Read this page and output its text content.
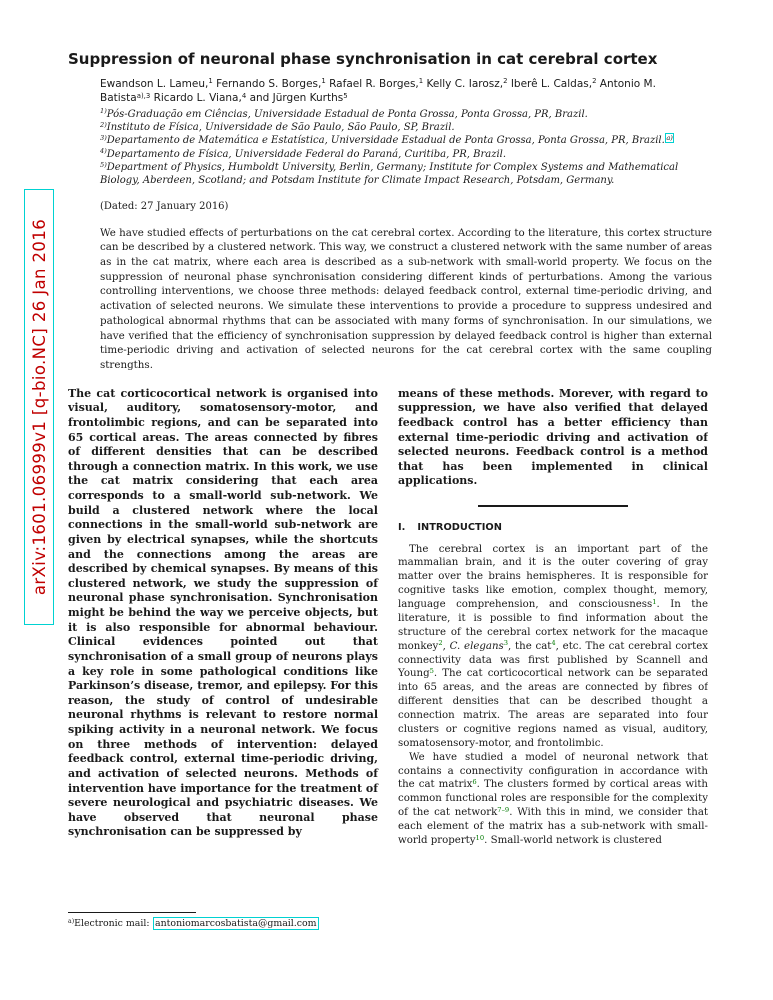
arXiv:1601.06999v1 [q-bio.NC] 26 Jan 2016
Suppression of neuronal phase synchronisation in cat cerebral cortex
Ewandson L. Lameu,$^1$ Fernando S. Borges,$^1$ Rafael R. Borges,$^1$ Kelly C. Iarosz,$^2$ Iberê L. Caldas,$^2$ Antonio M. Batista$^{a),3}$ Ricardo L. Viana,$^4$ and Jürgen Kurths$^5$
$^{1)}$Pós-Graduação em Ciências, Universidade Estadual de Ponta Grossa, Ponta Grossa, PR, Brazil.
$^{2)}$Instituto de Física, Universidade de São Paulo, São Paulo, SP, Brazil.
$^{3)}$Departamento de Matemática e Estatística, Universidade Estadual de Ponta Grossa, Ponta Grossa, PR, Brazil. $^{a)}$
$^{4)}$Departamento de Física, Universidade Federal do Paraná, Curitiba, PR, Brazil.
$^{5)}$Department of Physics, Humboldt University, Berlin, Germany; Institute for Complex Systems and Mathematical Biology, Aberdeen, Scotland; and Potsdam Institute for Climate Impact Research, Potsdam, Germany.
(Dated: 27 January 2016)
We have studied effects of perturbations on the cat cerebral cortex. According to the literature, this cortex structure can be described by a clustered network. This way, we construct a clustered network with the same number of areas as in the cat matrix, where each area is described as a sub-network with small-world property. We focus on the suppression of neuronal phase synchronisation considering different kinds of perturbations. Among the various controlling interventions, we choose three methods: delayed feedback control, external time-periodic driving, and activation of selected neurons. We simulate these interventions to provide a procedure to suppress undesired and pathological abnormal rhythms that can be associated with many forms of synchronisation. In our simulations, we have verified that the efficiency of synchronisation suppression by delayed feedback control is higher than external time-periodic driving and activation of selected neurons for the cat cerebral cortex with the same coupling strengths.

The cat corticocortical network is organised into visual, auditory, somatosensory-motor, and frontolimbic regions, and can be separated into 65 cortical areas. The areas connected by fibres of different densities that can be described through a connection matrix. In this work, we use the cat matrix considering that each area corresponds to a small-world sub-network. We build a clustered network where the local connections in the small-world sub-network are given by electrical synapses, while the shortcuts and the connections among the areas are described by chemical synapses. By means of this clustered network, we study the suppression of neuronal phase synchronisation. Synchronisation might be behind the way we perceive objects, but it is also responsible for abnormal behaviour. Clinical evidences pointed out that synchronisation of a small group of neurons plays a key role in some pathological conditions like Parkinson’s disease, tremor, and epilepsy. For this reason, the study of control of undesirable neuronal rhythms is relevant to restore normal spiking activity in a neuronal network. We focus on three methods of intervention: delayed feedback control, external time-periodic driving, and activation of selected neurons. Methods of intervention have importance for the treatment of severe neurological and psychiatric diseases. We have observed that neuronal phase synchronisation can be suppressed by

means of these methods. Morever, with regard to suppression, we have also verified that delayed feedback control has a better efficiency than external time-periodic driving and activation of selected neurons. Feedback control is a method that has been implemented in clinical applications.

I. INTRODUCTION

The cerebral cortex is an important part of the mammalian brain, and it is the outer covering of gray matter over the brains hemispheres. It is responsible for cognitive tasks like emotion, complex thought, memory, language comprehension, and consciousness$^1$. In the literature, it is possible to find information about the structure of the cerebral cortex network for the macaque monkey$^2$, C. elegans$^3$, the cat$^4$, etc. The cat cerebral cortex connectivity data was first published by Scannell and Young$^5$. The cat corticocortical network can be separated into 65 areas, and the areas are connected by fibres of different densities that can be described thought a connection matrix. The areas are separated into four clusters or cognitive regions named as visual, auditory, somatosensory-motor, and frontolimbic.

We have studied a model of neuronal network that contains a connectivity configuration in accordance with the cat matrix$^6$. The clusters formed by cortical areas with common functional roles are responsible for the complexity of the cat network$^{7-9}$. With this in mind, we consider that each element of the matrix has a sub-network with small-world property$^{10}$. Small-world network is clustered

$^{a)}$Electronic mail: antoniomarcosbatista@gmail.com
